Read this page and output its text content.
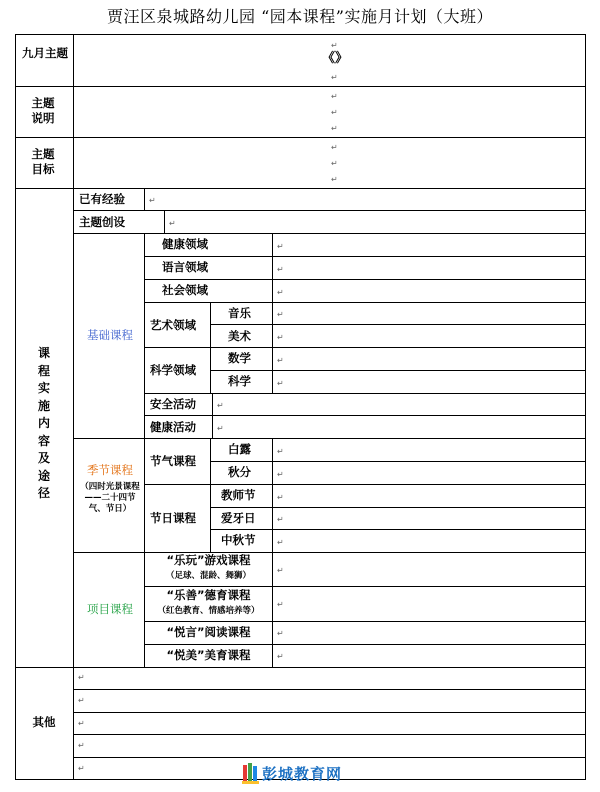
贾汪区泉城路幼儿园 “园本课程”实施月计划（大班）
九月主题	《》
主题说明
主题目标
课程实施内容及途径
已有经验
主题创设
基础课程
健康领域
语言领域
社会领域
艺术领域
音乐
美术
科学领域
数学
科学
安全活动
健康活动
季节课程
（四时光景课程——二十四节气、节日）
节气课程
白露
秋分
节日课程
教师节
爱牙日
中秋节
项目课程
“乐玩”游戏课程
（足球、混龄、舞狮）
“乐善”德育课程
（红色教育、情感培养等）
“悦言”阅读课程
“悦美”美育课程
其他
↵
↵
↵
↵
↵
↵
↵
↵
↵
↵
↵
↵
↵
↵
↵
↵
↵
↵
↵
↵
↵
↵
↵
↵
↵
↵
↵
↵
↵
↵
↵
↵
↵	彭城教育网
